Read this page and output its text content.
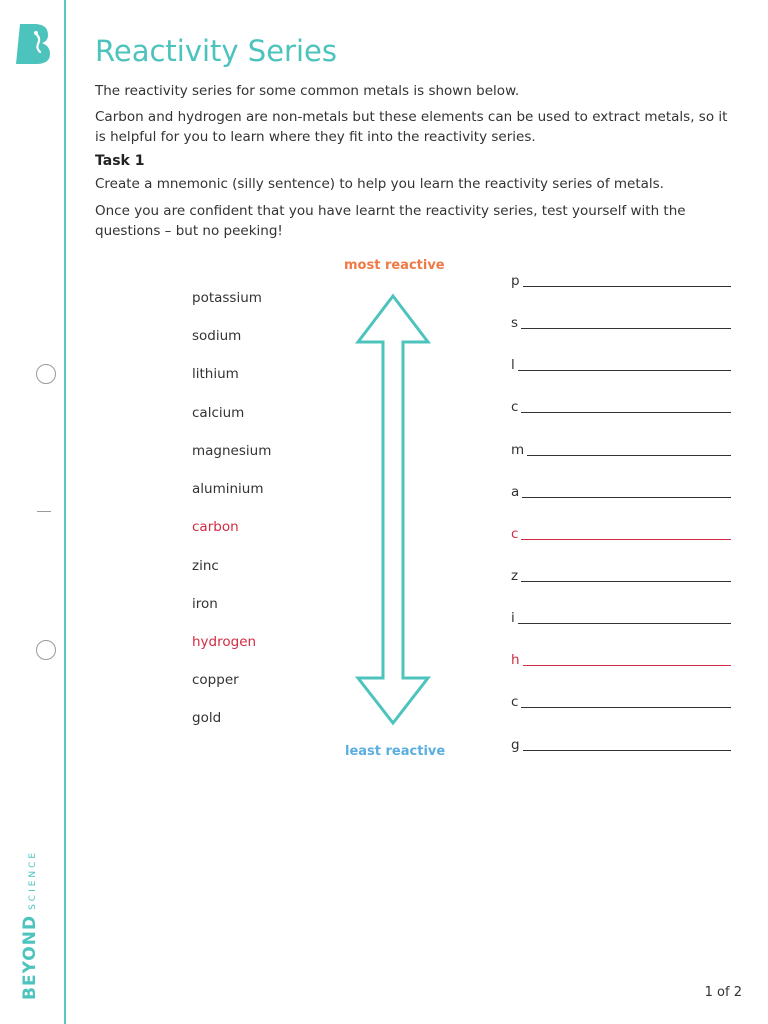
BEYONDSCIENCE
Reactivity Series

The reactivity series for some common metals is shown below.

Carbon and hydrogen are non-metals but these elements can be used to extract metals, so it is helpful for you to learn where they fit into the reactivity series.

Task 1

Create a mnemonic (silly sentence) to help you learn the reactivity series of metals.

Once you are confident that you have learnt the reactivity series, test yourself with the questions – but no peeking!

most reactive
least reactive
potassium
sodium
lithium
calcium
magnesium
aluminium
carbon
zinc
iron
hydrogen
copper
gold
p
s
l
c
m
a
c
z
i
h
c
g
1 of 2
